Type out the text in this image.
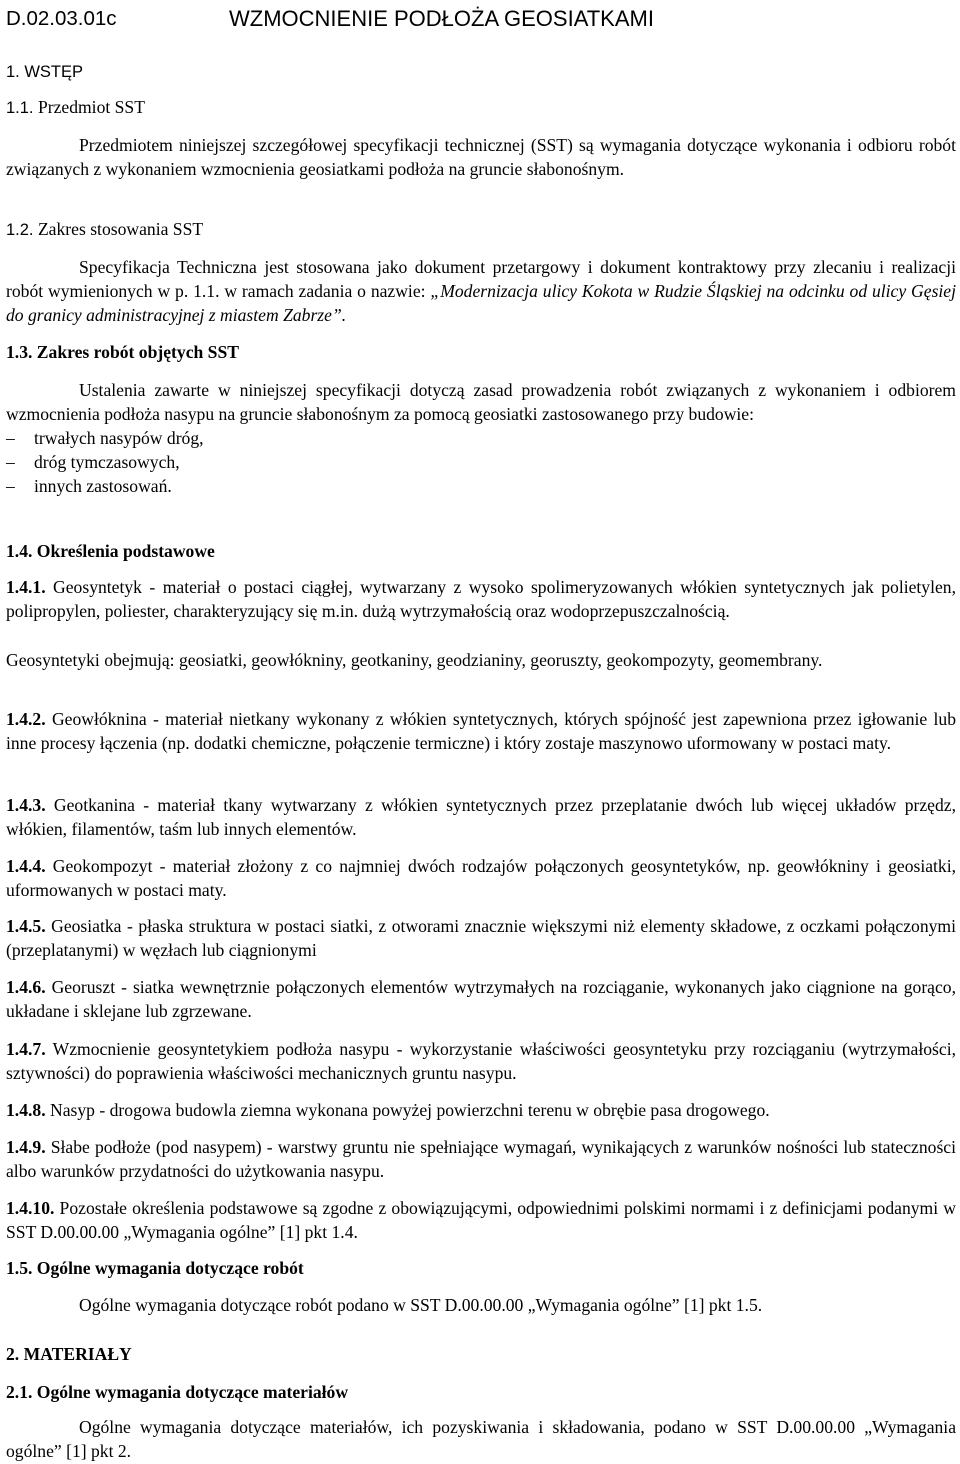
D.02.03.01c	WZMOCNIENIE PODŁOŻA GEOSIATKAMI
1. WSTĘP
1.1. Przedmiot SST

Przedmiotem niniejszej szczegółowej specyfikacji technicznej (SST) są wymagania dotyczące wykonania i odbioru robót związanych z wykonaniem wzmocnienia geosiatkami podłoża na gruncie słabonośnym.

1.2. Zakres stosowania SST

Specyfikacja Techniczna jest stosowana jako dokument przetargowy i dokument kontraktowy przy zlecaniu i realizacji robót wymienionych w p. 1.1. w ramach zadania o nazwie: „Modernizacja ulicy Kokota w Rudzie Śląskiej na odcinku od ulicy Gęsiej do granicy administracyjnej z miastem Zabrze”.

1.3. Zakres robót objętych SST

Ustalenia zawarte w niniejszej specyfikacji dotyczą zasad prowadzenia robót związanych z wykonaniem i odbiorem wzmocnienia podłoża nasypu na gruncie słabonośnym za pomocą geosiatki zastosowanego przy budowie:

– trwałych nasypów dróg,
– dróg tymczasowych,
– innych zastosowań.
1.4. Określenia podstawowe
1.4.1. Geosyntetyk - materiał o postaci ciągłej, wytwarzany z wysoko spolimeryzowanych włókien syntetycznych jak polietylen, polipropylen, poliester, charakteryzujący się m.in. dużą wytrzymałością oraz wodoprzepuszczalnością.
Geosyntetyki obejmują: geosiatki, geowłókniny, geotkaniny, geodzianiny, georuszty, geokompozyty, geomembrany.
1.4.2. Geowłóknina - materiał nietkany wykonany z włókien syntetycznych, których spójność jest zapewniona przez igłowanie lub inne procesy łączenia (np. dodatki chemiczne, połączenie termiczne) i który zostaje maszynowo uformowany w postaci maty.
1.4.3. Geotkanina - materiał tkany wytwarzany z włókien syntetycznych przez przeplatanie dwóch lub więcej układów przędz, włókien, filamentów, taśm lub innych elementów.
1.4.4. Geokompozyt - materiał złożony z co najmniej dwóch rodzajów połączonych geosyntetyków, np. geowłókniny i geosiatki, uformowanych w postaci maty.
1.4.5. Geosiatka - płaska struktura w postaci siatki, z otworami znacznie większymi niż elementy składowe, z oczkami połączonymi (przeplatanymi) w węzłach lub ciągnionymi
1.4.6. Georuszt - siatka wewnętrznie połączonych elementów wytrzymałych na rozciąganie, wykonanych jako ciągnione na gorąco, układane i sklejane lub zgrzewane.
1.4.7. Wzmocnienie geosyntetykiem podłoża nasypu - wykorzystanie właściwości geosyntetyku przy rozciąganiu (wytrzymałości, sztywności) do poprawienia właściwości mechanicznych gruntu nasypu.
1.4.8. Nasyp - drogowa budowla ziemna wykonana powyżej powierzchni terenu w obrębie pasa drogowego.
1.4.9. Słabe podłoże (pod nasypem) - warstwy gruntu nie spełniające wymagań, wynikających z warunków nośności lub stateczności albo warunków przydatności do użytkowania nasypu.
1.4.10. Pozostałe określenia podstawowe są zgodne z obowiązującymi, odpowiednimi polskimi normami i z definicjami podanymi w SST D.00.00.00 „Wymagania ogólne” [1] pkt 1.4.
1.5. Ogólne wymagania dotyczące robót
Ogólne wymagania dotyczące robót podano w SST D.00.00.00 „Wymagania ogólne” [1] pkt 1.5.
2. MATERIAŁY
2.1. Ogólne wymagania dotyczące materiałów

Ogólne wymagania dotyczące materiałów, ich pozyskiwania i składowania, podano w SST D.00.00.00 „Wymagania ogólne” [1] pkt 2.
